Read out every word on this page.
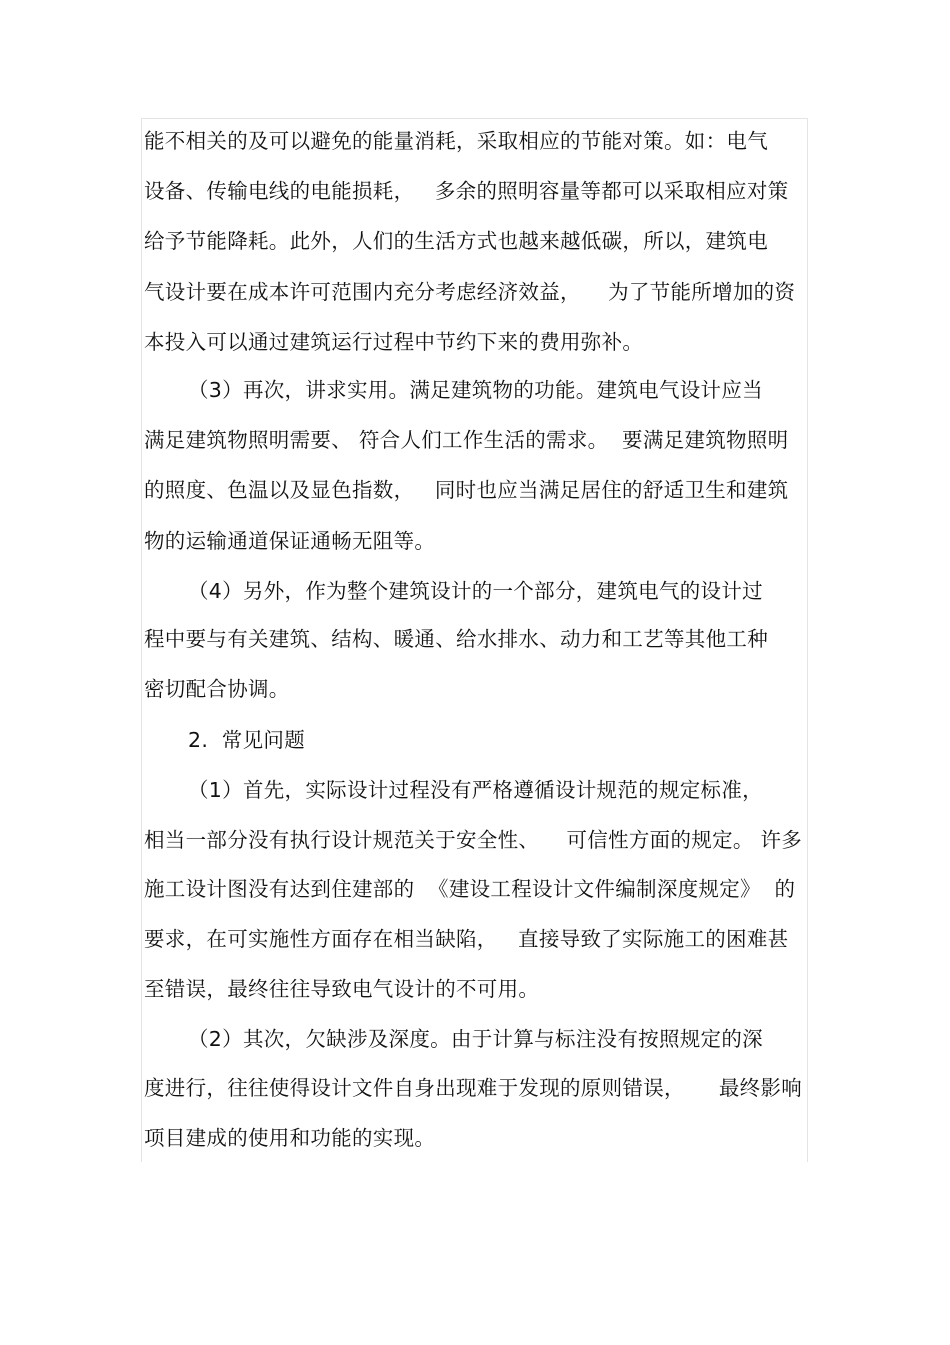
能不相关的及可以避免的能量消耗，采取相应的节能对策。如：电气
设备、传输电线的电能损耗，   多余的照明容量等都可以采取相应对策
给予节能降耗。此外，人们的生活方式也越来越低碳，所以，建筑电
气设计要在成本许可范围内充分考虑经济效益，    为了节能所增加的资
本投入可以通过建筑运行过程中节约下来的费用弥补。
（3）再次，讲求实用。满足建筑物的功能。建筑电气设计应当
满足建筑物照明需要、 符合人们工作生活的需求。  要满足建筑物照明
的照度、色温以及显色指数，   同时也应当满足居住的舒适卫生和建筑
物的运输通道保证通畅无阻等。
（4）另外，作为整个建筑设计的一个部分，建筑电气的设计过
程中要与有关建筑、结构、暖通、给水排水、动力和工艺等其他工种
密切配合协调。
2.  常见问题
（1）首先，实际设计过程没有严格遵循设计规范的规定标准，
相当一部分没有执行设计规范关于安全性、    可信性方面的规定。 许多
施工设计图没有达到住建部的  《建设工程设计文件编制深度规定》  的
要求，在可实施性方面存在相当缺陷，   直接导致了实际施工的困难甚
至错误，最终往往导致电气设计的不可用。
（2）其次，欠缺涉及深度。由于计算与标注没有按照规定的深
度进行，往往使得设计文件自身出现难于发现的原则错误，     最终影响
项目建成的使用和功能的实现。
